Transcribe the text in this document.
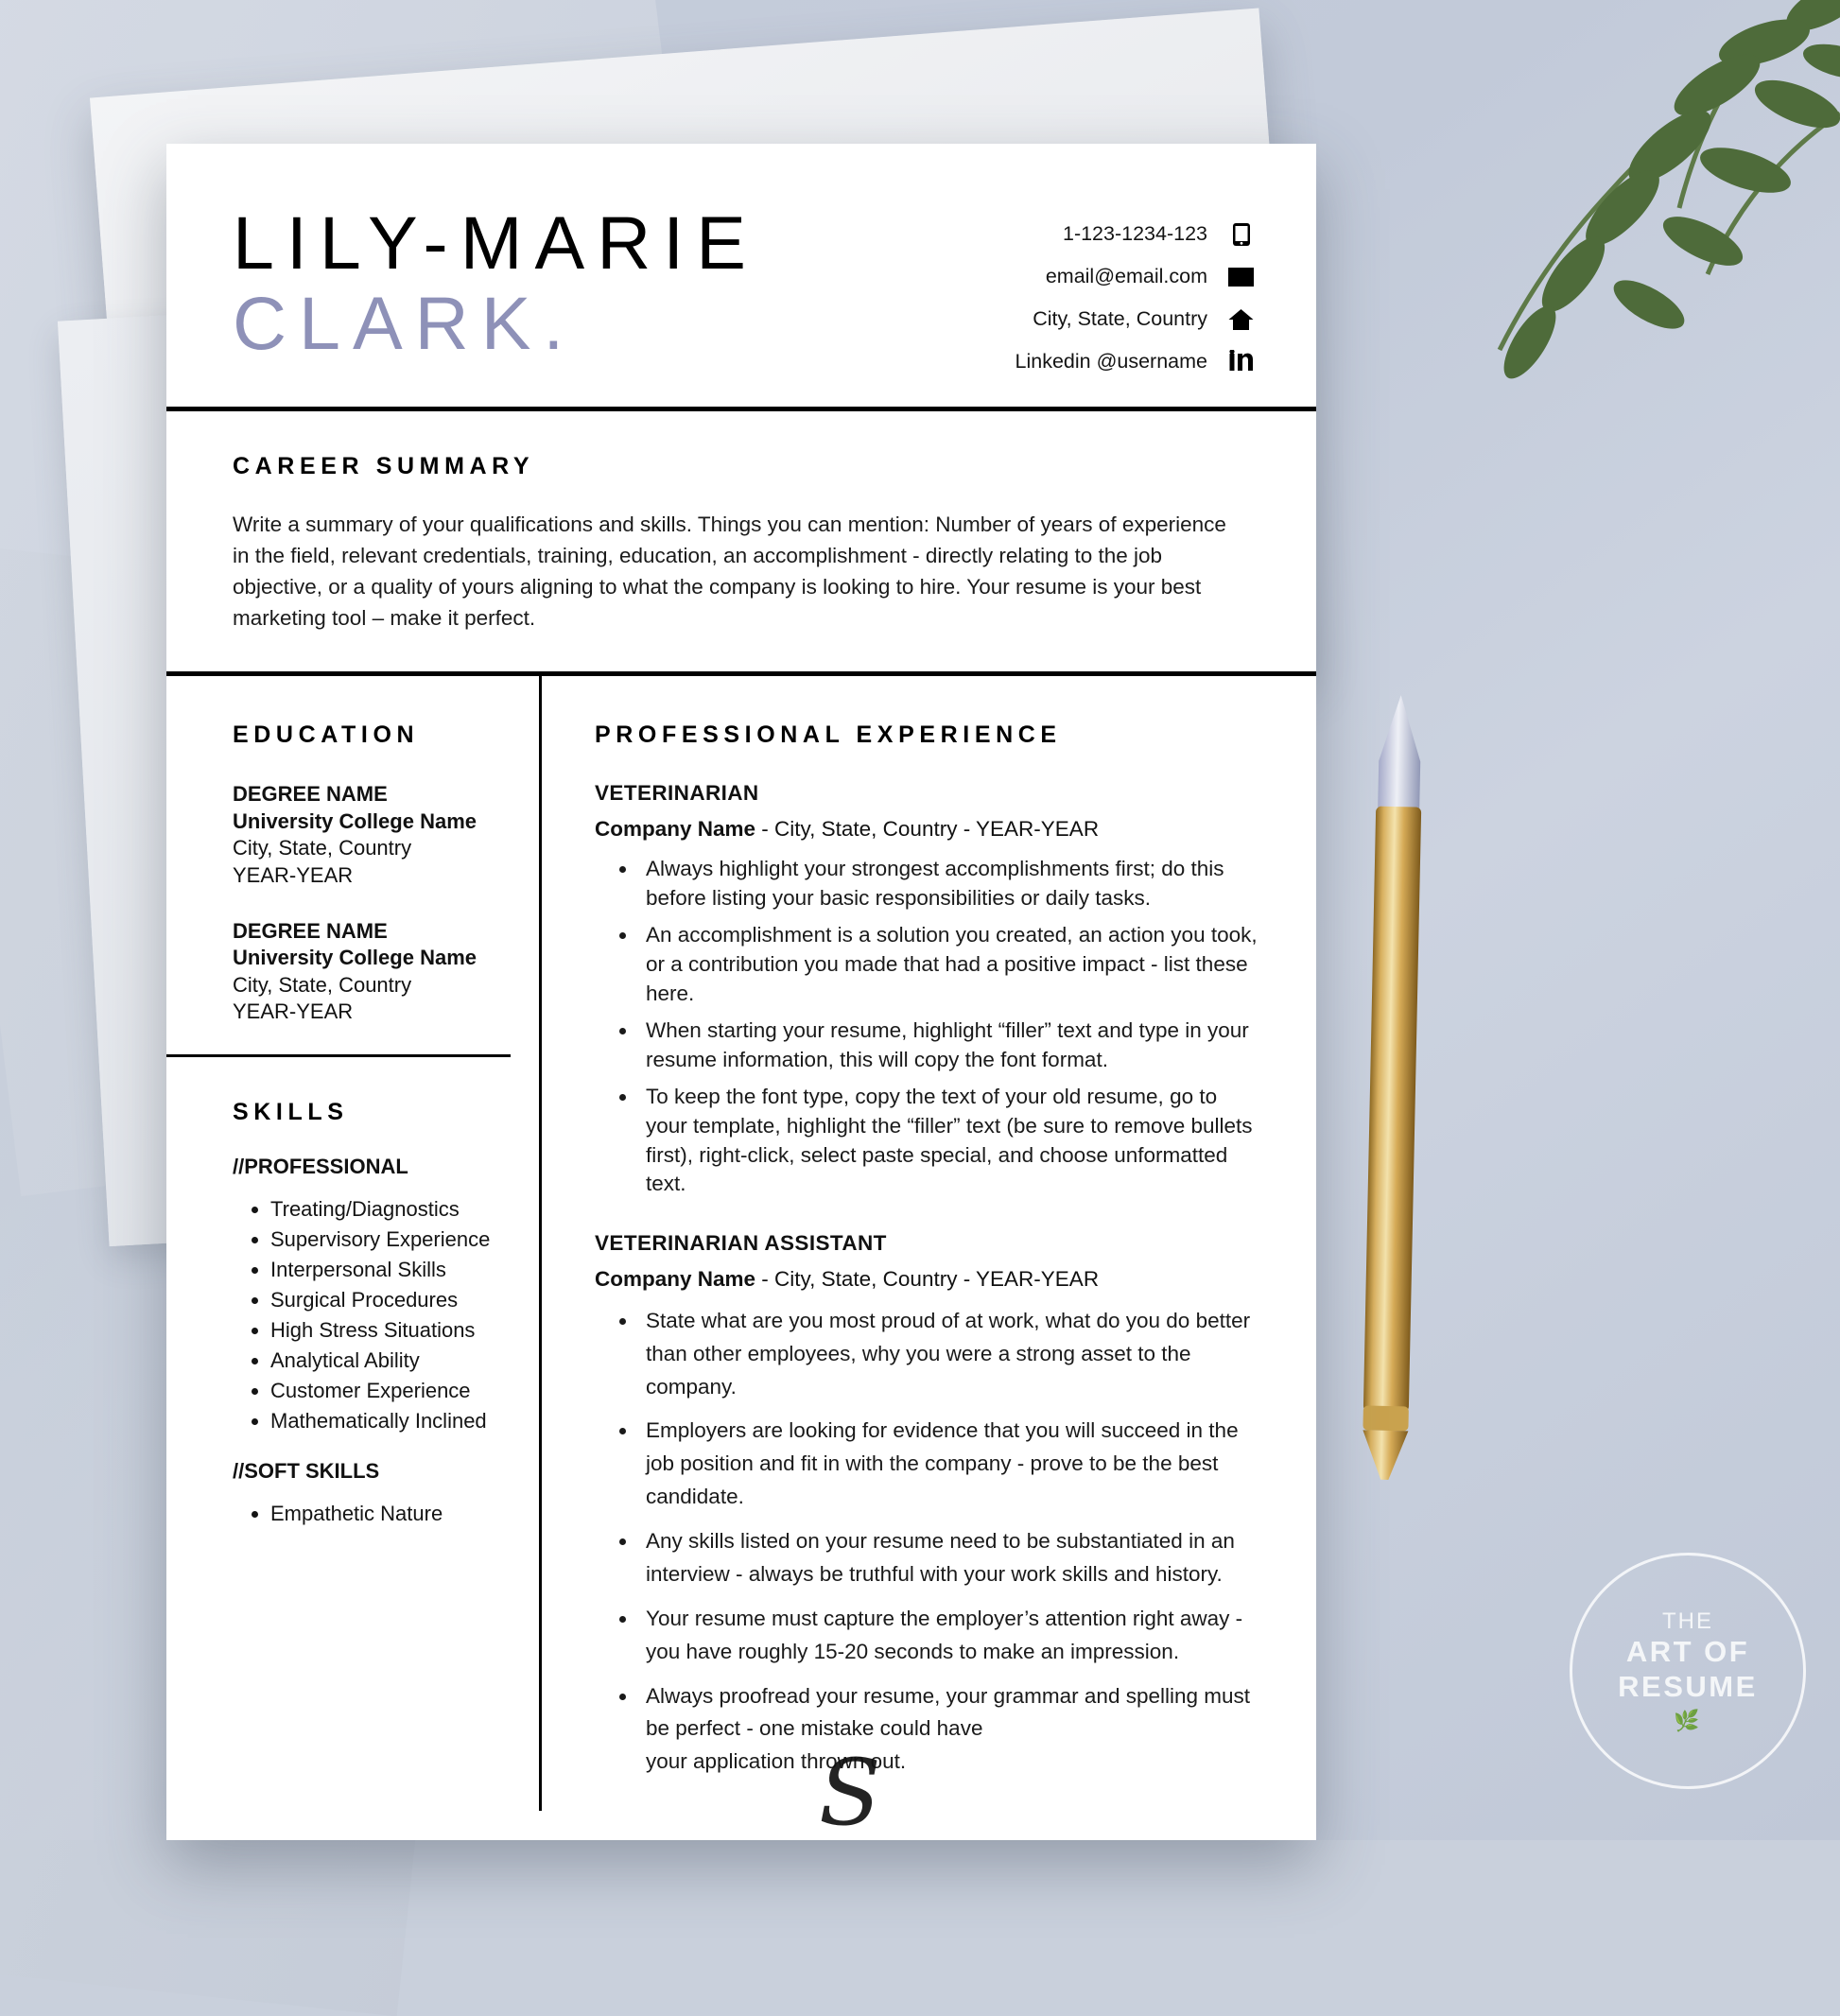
LILY-MARIE
CLARK.
1-123-1234-123
email@email.com
City, State, Country
Linkedin @username
CAREER SUMMARY

Write a summary of your qualifications and skills. Things you can mention: Number of years of experience in the field, relevant credentials, training, education, an accomplishment - directly relating to the job objective, or a quality of yours aligning to what the company is looking to hire. Your resume is your best marketing tool – make it perfect.

EDUCATION
DEGREE NAME
University College Name
City, State, Country
YEAR-YEAR
DEGREE NAME
University College Name
City, State, Country
YEAR-YEAR
SKILLS
//PROFESSIONAL
• Treating/Diagnostics
• Supervisory Experience
• Interpersonal Skills
• Surgical Procedures
• High Stress Situations
• Analytical Ability
• Customer Experience
• Mathematically Inclined
//SOFT SKILLS
• Empathetic Nature
PROFESSIONAL EXPERIENCE
VETERINARIAN
Company Name - City, State, Country - YEAR-YEAR
• Always highlight your strongest accomplishments first; do this before listing your basic responsibilities or daily tasks.
• An accomplishment is a solution you created, an action you took, or a contribution you made that had a positive impact - list these here.
• When starting your resume, highlight “filler” text and type in your resume information, this will copy the font format.
• To keep the font type, copy the text of your old resume, go to your template, highlight the “filler” text (be sure to remove bullets first), right-click, select paste special, and choose unformatted text.
VETERINARIAN ASSISTANT
Company Name - City, State, Country - YEAR-YEAR
• State what are you most proud of at work, what do you do better than other employees, why you were a strong asset to the company.
• Employers are looking for evidence that you will succeed in the job position and fit in with the company - prove to be the best candidate.
• Any skills listed on your resume need to be substantiated in an interview - always be truthful with your work skills and history.
• Your resume must capture the employer’s attention right away - you have roughly 15-20 seconds to make an impression.
• Always proofread your resume, your grammar and spelling must be perfect - one mistake could have
your application thrown out.
S
THE
ART OF
RESUME
🌿
